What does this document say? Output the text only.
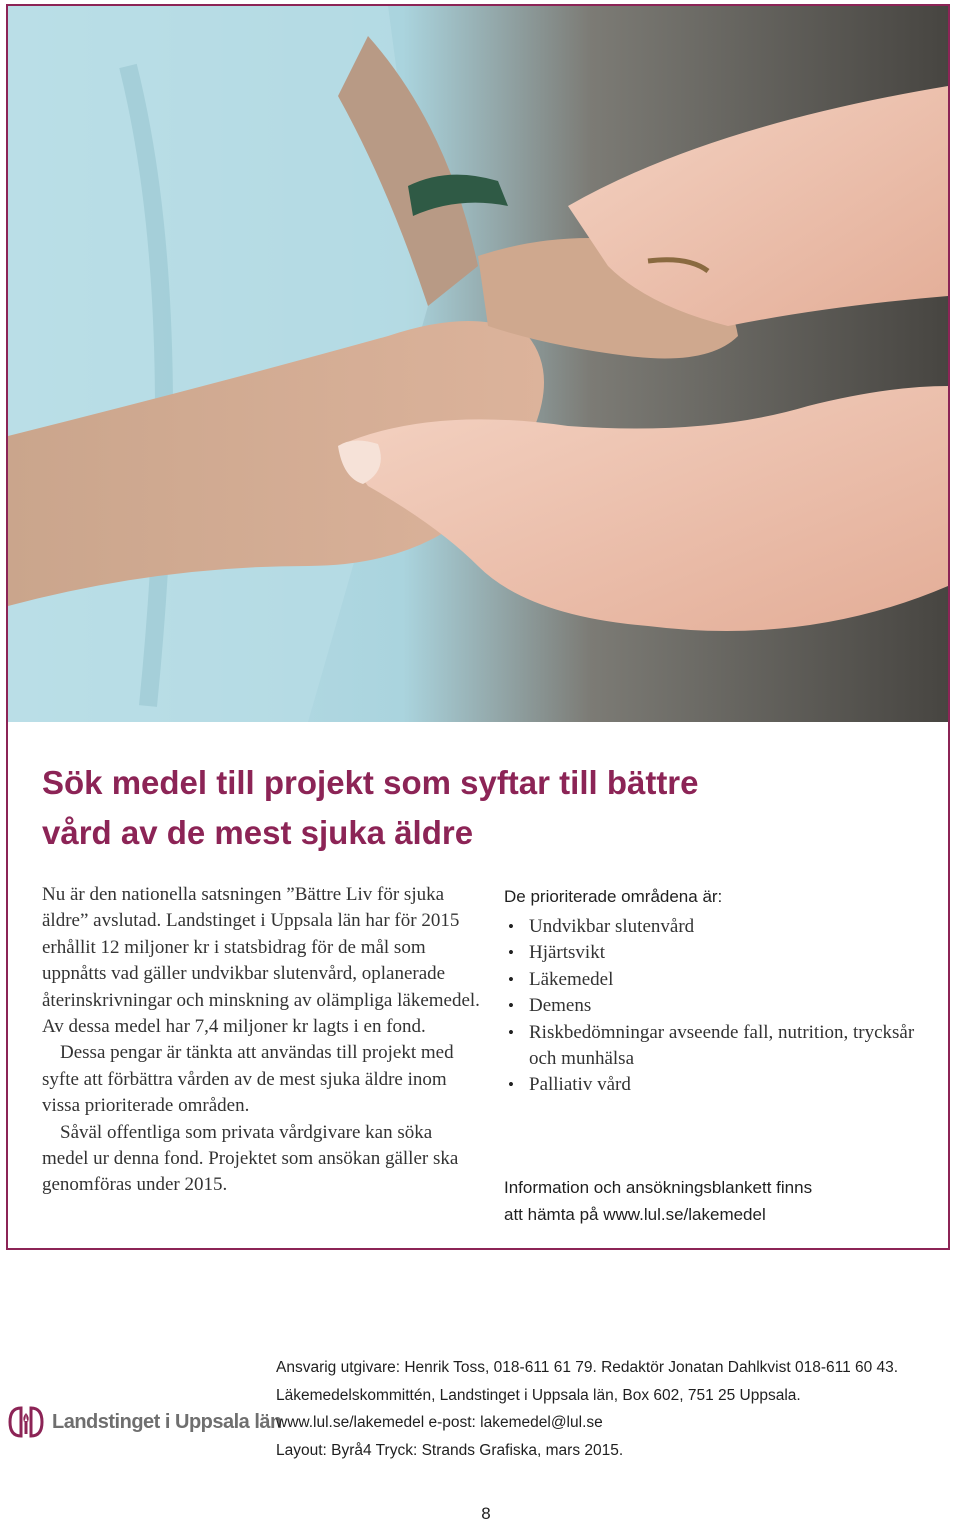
Sök medel till projekt som syftar till bättre
vård av de mest sjuka äldre

Nu är den nationella satsningen ”Bättre Liv för sjuka äldre” avslutad. Landstinget i Uppsala län har för 2015 erhållit 12 miljoner kr i statsbidrag för de mål som uppnåtts vad gäller undvikbar slutenvård, oplanerade återinskrivningar och minskning av olämpliga läkemedel. Av dessa medel har 7,4 miljoner kr lagts i en fond.

Dessa pengar är tänkta att användas till projekt med syfte att förbättra vården av de mest sjuka äldre inom vissa prioriterade områden.

Såväl offentliga som privata vårdgivare kan söka medel ur denna fond. Projektet som ansökan gäller ska genomföras under 2015.

De prioriterade områdena är:
• Undvikbar slutenvård
• Hjärtsvikt
• Läkemedel
• Demens
• Riskbedömningar avseende fall, nutrition, trycksår och munhälsa
• Palliativ vård
Information och ansökningsblankett finns
att hämta på www.lul.se/lakemedel
Landstinget i Uppsala län
Ansvarig utgivare: Henrik Toss, 018-611 61 79. Redaktör Jonatan Dahlkvist 018-611 60 43.
Läkemedelskommittén, Landstinget i Uppsala län, Box 602, 751 25 Uppsala.
www.lul.se/lakemedel e-post: lakemedel@lul.se
Layout: Byrå4 Tryck: Strands Grafiska, mars 2015.
8
